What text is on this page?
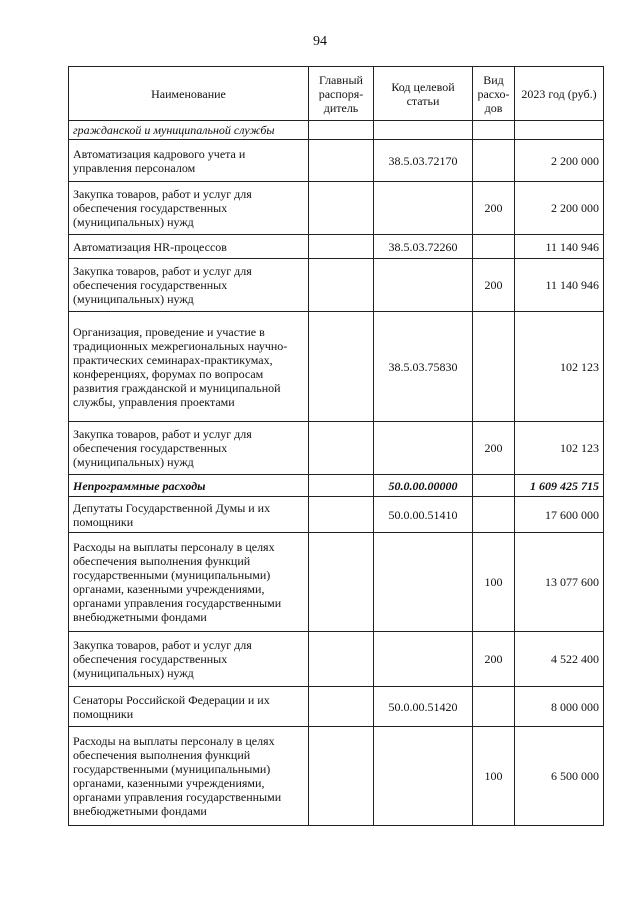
94
Наименование	Главный распоря-дитель	Код целевой статьи	Вид расхо-дов	2023 год (руб.)
гражданской и муниципальной службы				
Автоматизация кадрового учета и управления персоналом		38.5.03.72170		2 200 000
Закупка товаров, работ и услуг для обеспечения государственных (муниципальных) нужд			200	2 200 000
Автоматизация HR-процессов		38.5.03.72260		11 140 946
Закупка товаров, работ и услуг для обеспечения государственных (муниципальных) нужд			200	11 140 946
Организация, проведение и участие в традиционных межрегиональных научно-практических семинарах-практикумах, конференциях, форумах по вопросам развития гражданской и муниципальной службы, управления проектами		38.5.03.75830		102 123
Закупка товаров, работ и услуг для обеспечения государственных (муниципальных) нужд			200	102 123
Непрограммные расходы		50.0.00.00000		1 609 425 715
Депутаты Государственной Думы и их помощники		50.0.00.51410		17 600 000
Расходы на выплаты персоналу в целях обеспечения выполнения функций государственными (муниципальными) органами, казенными учреждениями, органами управления государственными внебюджетными фондами			100	13 077 600
Закупка товаров, работ и услуг для обеспечения государственных (муниципальных) нужд			200	4 522 400
Сенаторы Российской Федерации и их помощники		50.0.00.51420		8 000 000
Расходы на выплаты персоналу в целях обеспечения выполнения функций государственными (муниципальными) органами, казенными учреждениями, органами управления государственными внебюджетными фондами			100	6 500 000
